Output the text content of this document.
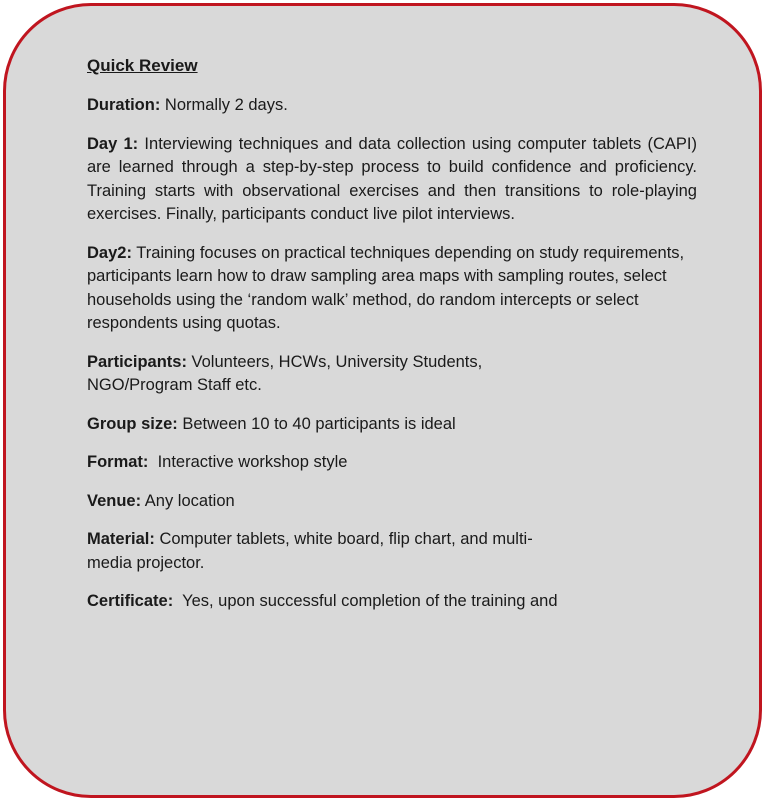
Quick Review
Duration: Normally 2 days.
Day 1: Interviewing techniques and data collection using computer tablets (CAPI) are learned through a step-by-step process to build confidence and proficiency. Training starts with observational exercises and then transitions to role-playing exercises. Finally, participants conduct live pilot interviews.
Day2: Training focuses on practical techniques depending on study requirements, participants learn how to draw sampling area maps with sampling routes, select households using the ‘random walk’ method, do random intercepts or select respondents using quotas.
Participants: Volunteers, HCWs, University Students,
NGO/Program Staff etc.
Group size: Between 10 to 40 participants is ideal
Format:  Interactive workshop style
Venue: Any location
Material: Computer tablets, white board, flip chart, and multi-
media projector.
Certificate:  Yes, upon successful completion of the training and
